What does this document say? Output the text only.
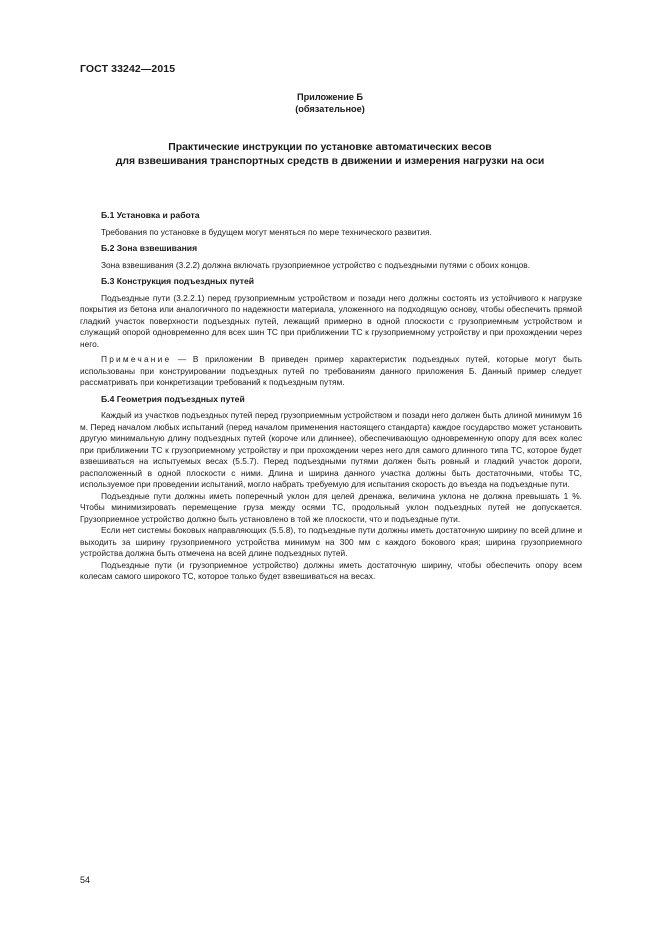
ГОСТ 33242—2015
Приложение Б
(обязательное)
Практические инструкции по установке автоматических весов
для взвешивания транспортных средств в движении и измерения нагрузки на оси
Б.1 Установка и работа

Требования по установке в будущем могут меняться по мере технического развития.

Б.2 Зона взвешивания

Зона взвешивания (3.2.2) должна включать грузоприемное устройство с подъездными путями с обоих концов.

Б.3 Конструкция подъездных путей

Подъездные пути (3.2.2.1) перед грузоприемным устройством и позади него должны состоять из устойчивого к нагрузке покрытия из бетона или аналогичного по надежности материала, уложенного на подходящую основу, чтобы обеспечить прямой гладкий участок поверхности подъездных путей, лежащий примерно в одной плоскости с грузоприемным устройством и служащий опорой одновременно для всех шин ТС при приближении ТС к грузоприемному устройству и при прохождении через него.

Примечание — В приложении В приведен пример характеристик подъездных путей, которые могут быть использованы при конструировании подъездных путей по требованиям данного приложения Б. Данный пример следует рассматривать при конкретизации требований к подъездным путям.

Б.4 Геометрия подъездных путей

Каждый из участков подъездных путей перед грузоприемным устройством и позади него должен быть длиной минимум 16 м. Перед началом любых испытаний (перед началом применения настоящего стандарта) каждое государство может установить другую минимальную длину подъездных путей (короче или длиннее), обеспечивающую одновременную опору для всех колес при приближении ТС к грузоприемному устройству и при прохождении через него для самого длинного типа ТС, которое будет взвешиваться на испытуемых весах (5.5.7). Перед подъездными путями должен быть ровный и гладкий участок дороги, расположенный в одной плоскости с ними. Длина и ширина данного участка должны быть достаточными, чтобы ТС, используемое при проведении испытаний, могло набрать требуемую для испытания скорость до въезда на подъездные пути.

Подъездные пути должны иметь поперечный уклон для целей дренажа, величина уклона не должна превышать 1 %. Чтобы минимизировать перемещение груза между осями ТС, продольный уклон подъездных путей не допускается. Грузоприемное устройство должно быть установлено в той же плоскости, что и подъездные пути.

Если нет системы боковых направляющих (5.5.8), то подъездные пути должны иметь достаточную ширину по всей длине и выходить за ширину грузоприемного устройства минимум на 300 мм с каждого бокового края; ширина грузоприемного устройства должна быть отмечена на всей длине подъездных путей.

Подъездные пути (и грузоприемное устройство) должны иметь достаточную ширину, чтобы обеспечить опору всем колесам самого широкого ТС, которое только будет взвешиваться на весах.

54
